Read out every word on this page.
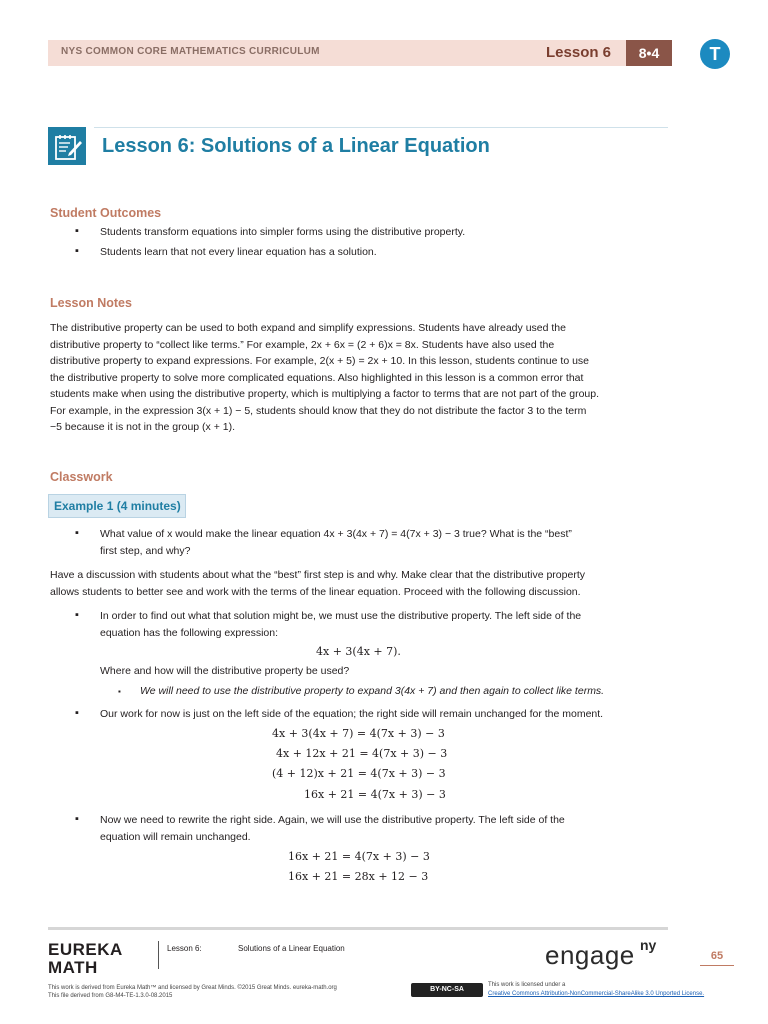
NYS COMMON CORE MATHEMATICS CURRICULUM	Lesson 6	8•4	T
Lesson 6: Solutions of a Linear Equation
Student Outcomes
▪ Students transform equations into simpler forms using the distributive property.
▪ Students learn that not every linear equation has a solution.
Lesson Notes
The distributive property can be used to both expand and simplify expressions. Students have already used the
distributive property to “collect like terms.” For example, 2x + 6x = (2 + 6)x = 8x. Students have also used the
distributive property to expand expressions. For example, 2(x + 5) = 2x + 10. In this lesson, students continue to use
the distributive property to solve more complicated equations. Also highlighted in this lesson is a common error that
students make when using the distributive property, which is multiplying a factor to terms that are not part of the group.
For example, in the expression 3(x + 1) − 5, students should know that they do not distribute the factor 3 to the term
−5 because it is not in the group (x + 1).
Classwork
Example 1 (4 minutes)
▪ What value of x would make the linear equation 4x + 3(4x + 7) = 4(7x + 3) − 3 true? What is the “best”
first step, and why?
Have a discussion with students about what the “best” first step is and why. Make clear that the distributive property
allows students to better see and work with the terms of the linear equation. Proceed with the following discussion.
▪ In order to find out what that solution might be, we must use the distributive property. The left side of the
equation has the following expression:
4x + 3(4x + 7).
Where and how will the distributive property be used?
▪ We will need to use the distributive property to expand 3(4x + 7) and then again to collect like terms.
▪ Our work for now is just on the left side of the equation; the right side will remain unchanged for the moment.
4x + 3(4x + 7) = 4(7x + 3) − 3
4x + 12x + 21 = 4(7x + 3) − 3
(4 + 12)x + 21 = 4(7x + 3) − 3
16x + 21 = 4(7x + 3) − 3
▪ Now we need to rewrite the right side. Again, we will use the distributive property. The left side of the
equation will remain unchanged.
16x + 21 = 4(7x + 3) − 3
16x + 21 = 28x + 12 − 3
EUREKA
MATH
Lesson 6:	Solutions of a Linear Equation	engage ny
65
This work is derived from Eureka Math™ and licensed by Great Minds. ©2015 Great Minds. eureka-math.org
This file derived from G8-M4-TE-1.3.0-08.2015
BY-NC-SA
This work is licensed under a
Creative Commons Attribution-NonCommercial-ShareAlike 3.0 Unported License.
